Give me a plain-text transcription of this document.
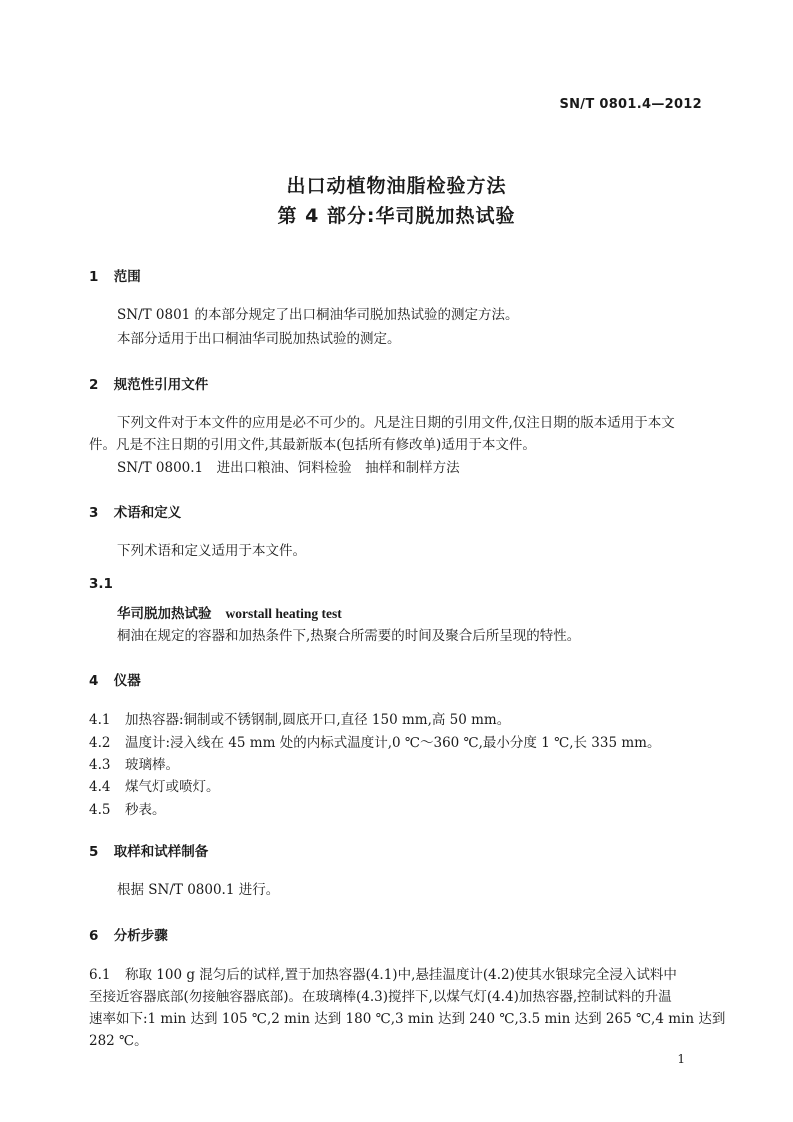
SN/T 0801.4—2012
出口动植物油脂检验方法
第 4 部分:华司脱加热试验
1 范围
SN/T 0801 的本部分规定了出口桐油华司脱加热试验的测定方法。
本部分适用于出口桐油华司脱加热试验的测定。
2 规范性引用文件
下列文件对于本文件的应用是必不可少的。凡是注日期的引用文件,仅注日期的版本适用于本文
件。凡是不注日期的引用文件,其最新版本(包括所有修改单)适用于本文件。
SN/T 0800.1　进出口粮油、饲料检验　抽样和制样方法
3 术语和定义
下列术语和定义适用于本文件。
3.1
华司脱加热试验 worstall heating test
桐油在规定的容器和加热条件下,热聚合所需要的时间及聚合后所呈现的特性。
4 仪器
4.1 加热容器:铜制或不锈钢制,圆底开口,直径 150 mm,高 50 mm。
4.2 温度计:浸入线在 45 mm 处的内标式温度计,0 ℃～360 ℃,最小分度 1 ℃,长 335 mm。
4.3 玻璃棒。
4.4 煤气灯或喷灯。
4.5 秒表。
5 取样和试样制备
根据 SN/T 0800.1 进行。
6 分析步骤
6.1 称取 100 g 混匀后的试样,置于加热容器(4.1)中,悬挂温度计(4.2)使其水银球完全浸入试料中
至接近容器底部(勿接触容器底部)。在玻璃棒(4.3)搅拌下,以煤气灯(4.4)加热容器,控制试料的升温
速率如下:1 min 达到 105 ℃,2 min 达到 180 ℃,3 min 达到 240 ℃,3.5 min 达到 265 ℃,4 min 达到
282 ℃。
1
